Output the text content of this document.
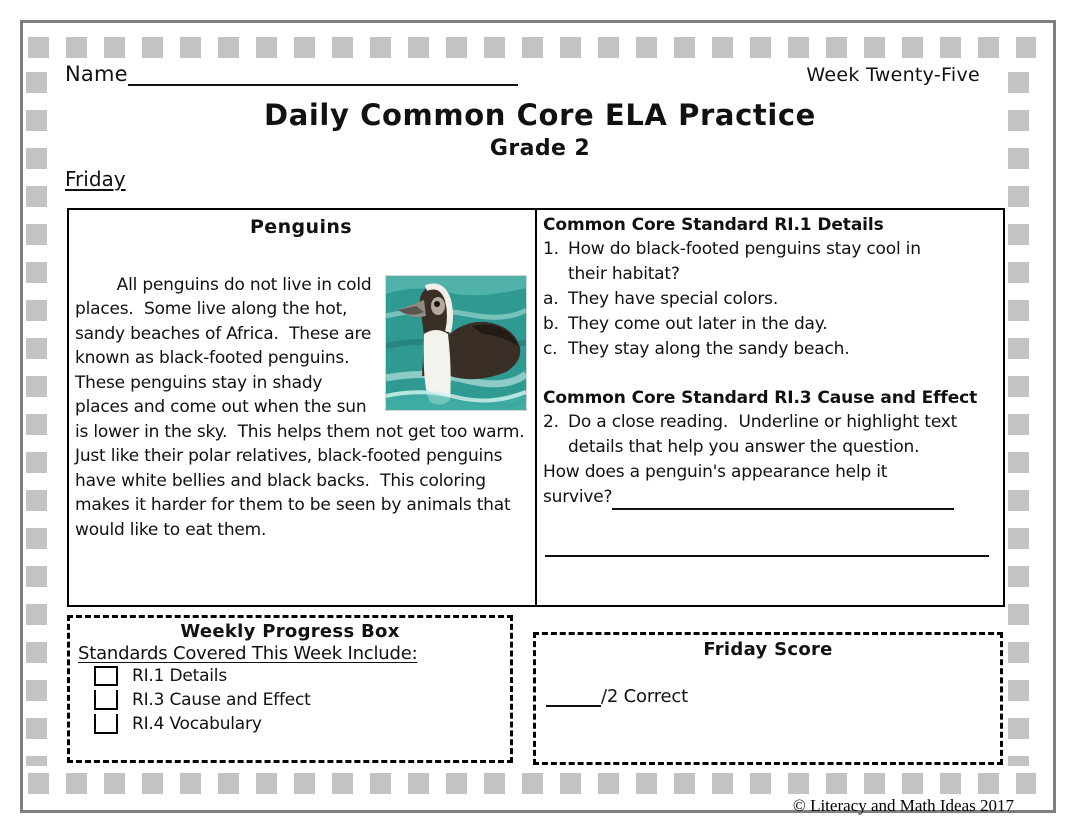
Name	Week Twenty-Five
Daily Common Core ELA Practice
Grade 2
Friday
Penguins

All penguins do not live in cold places.  Some live along the hot, sandy beaches of Africa.  These are known as black-footed penguins.  These penguins stay in shady places and come out when the sun is lower in the sky.  This helps them not get too warm.  Just like their polar relatives, black-footed penguins have white bellies and black backs.  This coloring makes it harder for them to be seen by animals that would like to eat them.

Common Core Standard RI.1 Details
1. How do black-footed penguins stay cool in their habitat?
a. They have special colors.
b. They come out later in the day.
c. They stay along the sandy beach.
Common Core Standard RI.3 Cause and Effect
2. Do a close reading.  Underline or highlight text details that help you answer the question.
How does a penguin's appearance help it
survive?
Weekly Progress Box
Standards Covered This Week Include:
RI.1 Details
RI.3 Cause and Effect
RI.4 Vocabulary
Friday Score
/2 Correct
© Literacy and Math Ideas 2017
